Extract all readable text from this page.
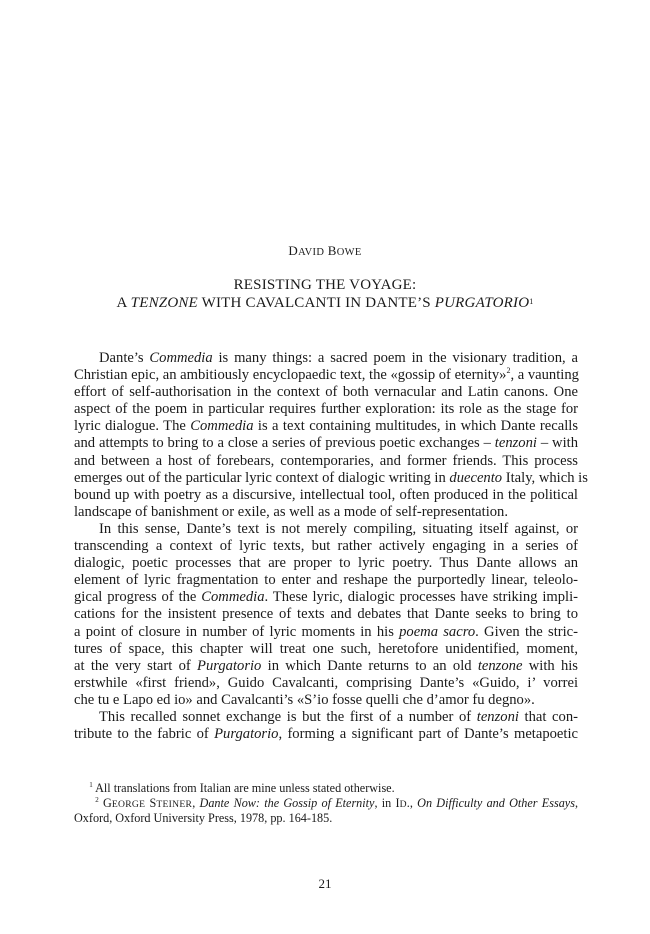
DAVID BOWE
RESISTING THE VOYAGE:
A TENZONE WITH CAVALCANTI IN DANTE’S PURGATORIO$^1$
Dante’s Commedia is many things: a sacred poem in the visionary tradition, a
Christian epic, an ambitiously encyclopaedic text, the «gossip of eternity»$^2$, a vaunting
effort of self-authorisation in the context of both vernacular and Latin canons. One
aspect of the poem in particular requires further exploration: its role as the stage for
lyric dialogue. The Commedia is a text containing multitudes, in which Dante recalls
and attempts to bring to a close a series of previous poetic exchanges – tenzoni – with
and between a host of forebears, contemporaries, and former friends. This process
emerges out of the particular lyric context of dialogic writing in duecento Italy, which is
bound up with poetry as a discursive, intellectual tool, often produced in the political
landscape of banishment or exile, as well as a mode of self-representation.
In this sense, Dante’s text is not merely compiling, situating itself against, or
transcending a context of lyric texts, but rather actively engaging in a series of
dialogic, poetic processes that are proper to lyric poetry. Thus Dante allows an
element of lyric fragmentation to enter and reshape the purportedly linear, teleolo-
gical progress of the Commedia. These lyric, dialogic processes have striking impli-
cations for the insistent presence of texts and debates that Dante seeks to bring to
a point of closure in number of lyric moments in his poema sacro. Given the stric-
tures of space, this chapter will treat one such, heretofore unidentified, moment,
at the very start of Purgatorio in which Dante returns to an old tenzone with his
erstwhile «first friend», Guido Cavalcanti, comprising Dante’s «Guido, i’ vorrei
che tu e Lapo ed io» and Cavalcanti’s «S’io fosse quelli che d’amor fu degno».
This recalled sonnet exchange is but the first of a number of tenzoni that con-
tribute to the fabric of Purgatorio, forming a significant part of Dante’s metapoetic
$^1$ All translations from Italian are mine unless stated otherwise.
$^2$ GEORGE STEINER, Dante Now: the Gossip of Eternity, in ID., On Difficulty and Other Essays,
Oxford, Oxford University Press, 1978, pp. 164-185.
21
